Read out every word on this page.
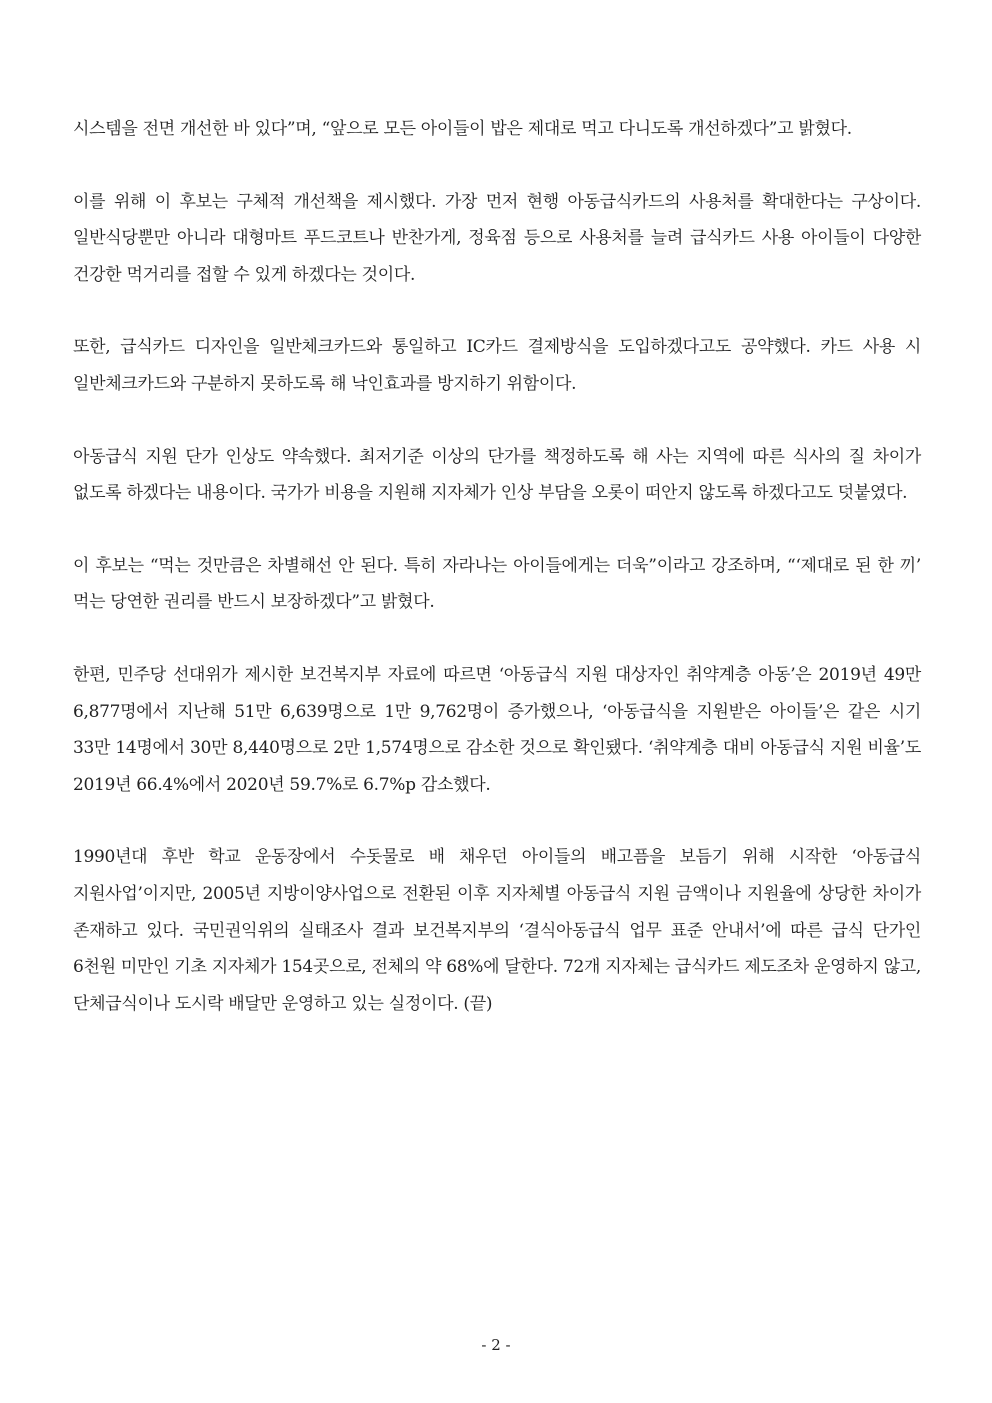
시스템을 전면 개선한 바 있다”며, “앞으로 모든 아이들이 밥은 제대로 먹고 다니도록 개선하겠다”고 밝혔다.

이를 위해 이 후보는 구체적 개선책을 제시했다. 가장 먼저 현행 아동급식카드의 사용처를 확대한다는 구상이다. 일반식당뿐만 아니라 대형마트 푸드코트나 반찬가게, 정육점 등으로 사용처를 늘려 급식카드 사용 아이들이 다양한 건강한 먹거리를 접할 수 있게 하겠다는 것이다.

또한, 급식카드 디자인을 일반체크카드와 통일하고 IC카드 결제방식을 도입하겠다고도 공약했다. 카드 사용 시 일반체크카드와 구분하지 못하도록 해 낙인효과를 방지하기 위함이다.

아동급식 지원 단가 인상도 약속했다. 최저기준 이상의 단가를 책정하도록 해 사는 지역에 따른 식사의 질 차이가 없도록 하겠다는 내용이다. 국가가 비용을 지원해 지자체가 인상 부담을 오롯이 떠안지 않도록 하겠다고도 덧붙였다.

이 후보는 “먹는 것만큼은 차별해선 안 된다. 특히 자라나는 아이들에게는 더욱”이라고 강조하며, “‘제대로 된 한 끼’ 먹는 당연한 권리를 반드시 보장하겠다”고 밝혔다.

한편, 민주당 선대위가 제시한 보건복지부 자료에 따르면 ‘아동급식 지원 대상자인 취약계층 아동’은 2019년 49만 6,877명에서 지난해 51만 6,639명으로 1만 9,762명이 증가했으나, ‘아동급식을 지원받은 아이들’은 같은 시기 33만 14명에서 30만 8,440명으로 2만 1,574명으로 감소한 것으로 확인됐다. ‘취약계층 대비 아동급식 지원 비율’도 2019년 66.4%에서 2020년 59.7%로 6.7%p 감소했다.

1990년대 후반 학교 운동장에서 수돗물로 배 채우던 아이들의 배고픔을 보듬기 위해 시작한 ‘아동급식 지원사업’이지만, 2005년 지방이양사업으로 전환된 이후 지자체별 아동급식 지원 금액이나 지원율에 상당한 차이가 존재하고 있다. 국민권익위의 실태조사 결과 보건복지부의 ‘결식아동급식 업무 표준 안내서’에 따른 급식 단가인 6천원 미만인 기초 지자체가 154곳으로, 전체의 약 68%에 달한다. 72개 지자체는 급식카드 제도조차 운영하지 않고, 단체급식이나 도시락 배달만 운영하고 있는 실정이다. (끝)

- 2 -
